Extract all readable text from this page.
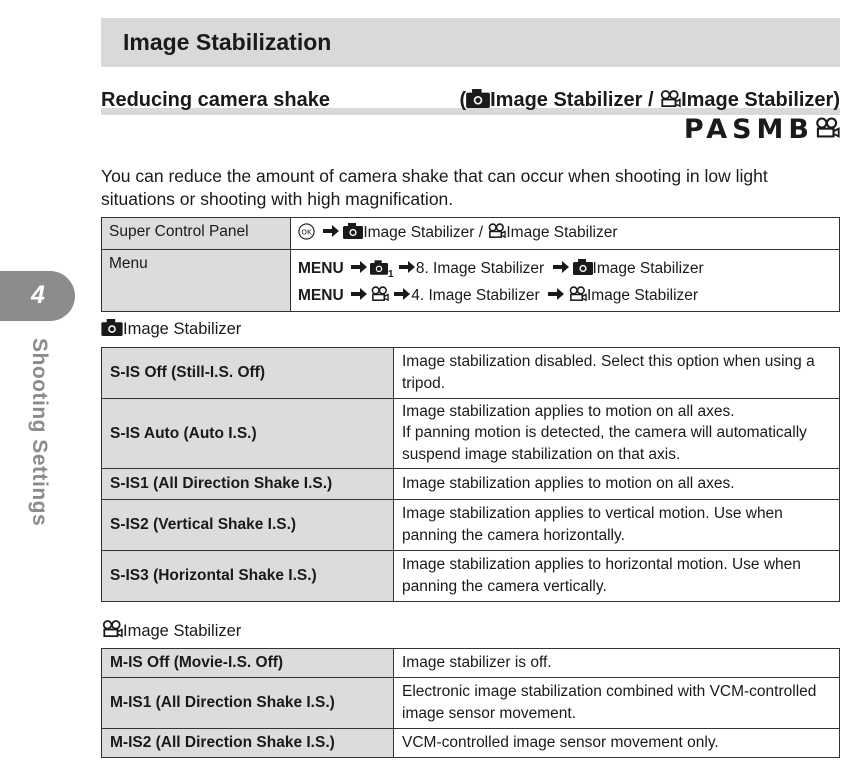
4
Shooting Settings
Image Stabilization
Reducing camera shake	( Image Stabilizer / Image Stabilizer)
PASMB
You can reduce the amount of camera shake that can occur when shooting in low light situations or shooting with high magnification.
Super Control Panel	Image Stabilizer / Image Stabilizer
Menu	MENU $_1$ 8. Image Stabilizer Image Stabilizer
MENU 4. Image Stabilizer Image Stabilizer
Image Stabilizer
S-IS Off (Still-I.S. Off)	Image stabilization disabled. Select this option when using a tripod.
S-IS Auto (Auto I.S.)	Image stabilization applies to motion on all axes.
If panning motion is detected, the camera will automatically suspend image stabilization on that axis.

S-IS1 (All Direction Shake I.S.)	Image stabilization applies to motion on all axes.
S-IS2 (Vertical Shake I.S.)	Image stabilization applies to vertical motion. Use when panning the camera horizontally.
S-IS3 (Horizontal Shake I.S.)	Image stabilization applies to horizontal motion. Use when panning the camera vertically.
Image Stabilizer
M-IS Off (Movie-I.S. Off)	Image stabilizer is off.
M-IS1 (All Direction Shake I.S.)	Electronic image stabilization combined with VCM-controlled image sensor movement.
M-IS2 (All Direction Shake I.S.)	VCM-controlled image sensor movement only.
